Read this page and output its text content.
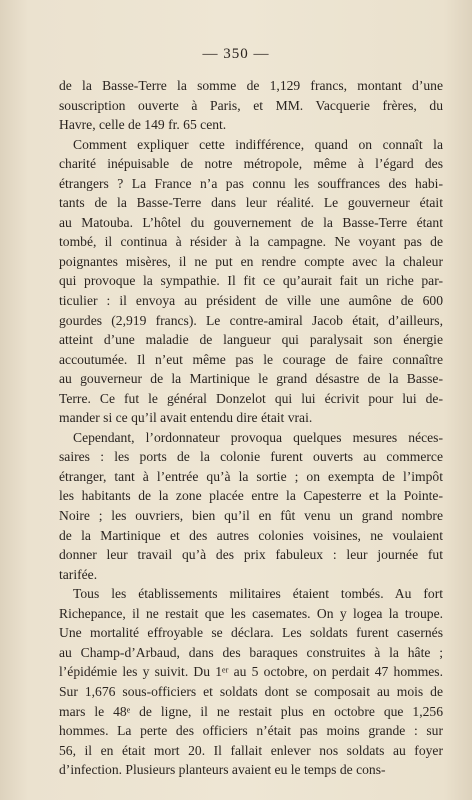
— 350 —
de la Basse-Terre la somme de 1,129 francs, montant d’une
souscription ouverte à Paris, et MM. Vacquerie frères, du
Havre, celle de 149 fr. 65 cent.
Comment expliquer cette indifférence, quand on connaît la
charité inépuisable de notre métropole, même à l’égard des
étrangers ? La France n’a pas connu les souffrances des habi-
tants de la Basse-Terre dans leur réalité. Le gouverneur était
au Matouba. L’hôtel du gouvernement de la Basse-Terre étant
tombé, il continua à résider à la campagne. Ne voyant pas de
poignantes misères, il ne put en rendre compte avec la chaleur
qui provoque la sympathie. Il fit ce qu’aurait fait un riche par-
ticulier : il envoya au président de ville une aumône de 600
gourdes (2,919 francs). Le contre-amiral Jacob était, d’ailleurs,
atteint d’une maladie de langueur qui paralysait son énergie
accoutumée. Il n’eut même pas le courage de faire connaître
au gouverneur de la Martinique le grand désastre de la Basse-
Terre. Ce fut le général Donzelot qui lui écrivit pour lui de-
mander si ce qu’il avait entendu dire était vrai.
Cependant, l’ordonnateur provoqua quelques mesures néces-
saires : les ports de la colonie furent ouverts au commerce
étranger, tant à l’entrée qu’à la sortie ; on exempta de l’impôt
les habitants de la zone placée entre la Capesterre et la Pointe-
Noire ; les ouvriers, bien qu’il en fût venu un grand nombre
de la Martinique et des autres colonies voisines, ne voulaient
donner leur travail qu’à des prix fabuleux : leur journée fut
tarifée.
Tous les établissements militaires étaient tombés. Au fort
Richepance, il ne restait que les casemates. On y logea la troupe.
Une mortalité effroyable se déclara. Les soldats furent casernés
au Champ-d’Arbaud, dans des baraques construites à la hâte ;
l’épidémie les y suivit. Du 1ᵉʳ au 5 octobre, on perdait 47 hommes.
Sur 1,676 sous-officiers et soldats dont se composait au mois de
mars le 48ᵉ de ligne, il ne restait plus en octobre que 1,256
hommes. La perte des officiers n’était pas moins grande : sur
56, il en était mort 20. Il fallait enlever nos soldats au foyer
d’infection. Plusieurs planteurs avaient eu le temps de cons-
